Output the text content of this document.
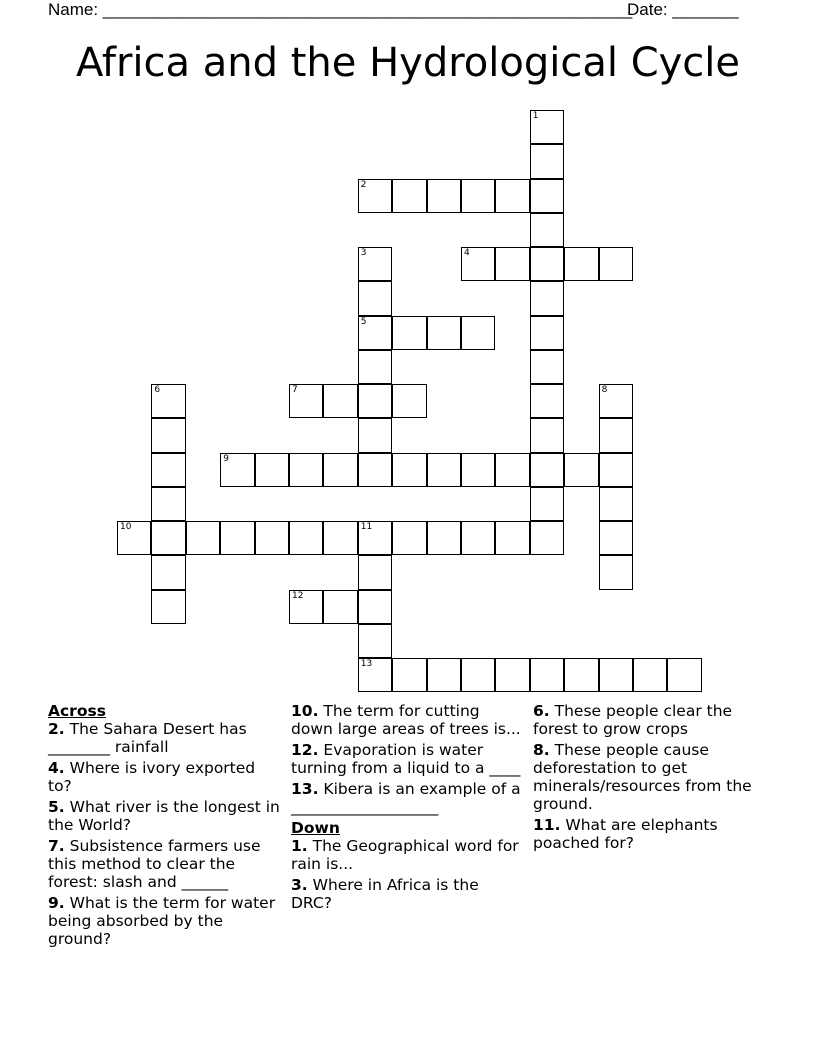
Name: ________________________________________________________
Date: _______
Africa and the Hydrological Cycle
1
2
3
5
4
6	7	8
9
10	11
13
12
Across
2. The Sahara Desert has ________ rainfall
4. Where is ivory exported to?
5. What river is the longest in the World?
7. Subsistence farmers use this method to clear the forest: slash and ______
9. What is the term for water being absorbed by the ground?
10. The term for cutting down large areas of trees is...
12. Evaporation is water turning from a liquid to a ____
13. Kibera is an example of a ___________________
Down
1. The Geographical word for rain is...
3. Where in Africa is the DRC?
6. These people clear the forest to grow crops
8. These people cause deforestation to get minerals/resources from the ground.
11. What are elephants poached for?
